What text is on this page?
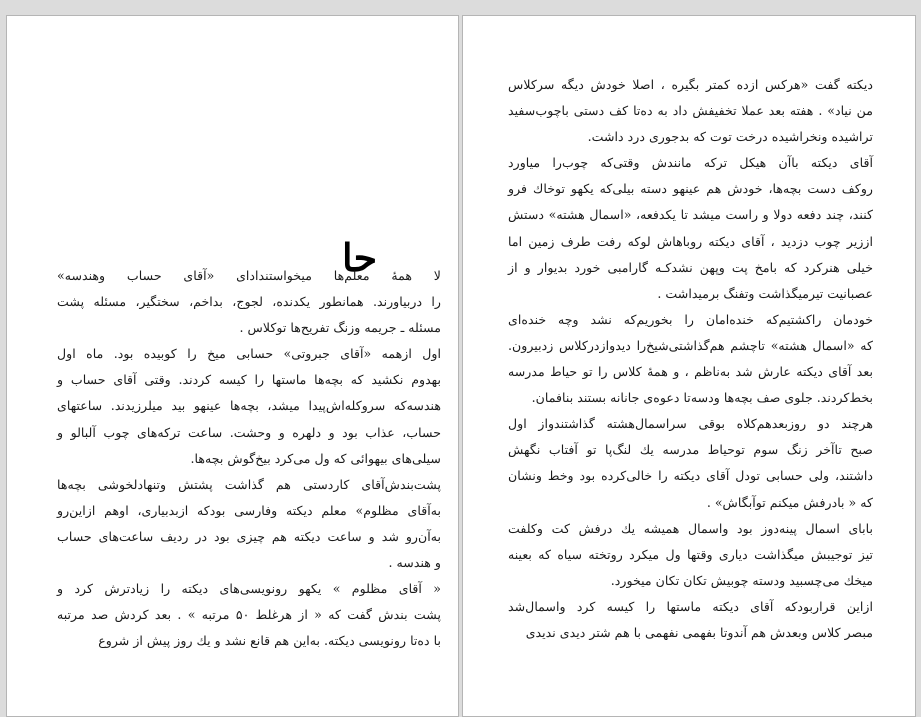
دیکته گفت «هرکس ازده کمتر بگیره ، اصلا خودش دیگه سرکلاس
من نیاد» . هفته بعد عملا تخفیفش داد به ده‌تا کف دستی باچوب‌سفید
تراشیده ونخراشیده درخت توت که بدجوری درد داشت.
آقای دیکته باآن هیکل ترکه مانندش وقتی‌که چوب‌را میاورد
روکف دست بچه‌ها، خودش هم عینهو دسته بیلی‌که یکهو توخاك فرو
کنند، چند دفعه دولا و راست میشد تا یکدفعه، «اسمال هشته» دستش
اززیر چوب دزدید ، آقای دیکته روباهاش لوکه رفت طرف زمین اما
خیلی هنرکرد که بامخ پت وپهن نشدکـه گارامبی خورد بدیوار و از
عصبانیت تیرمیگذاشت وتفنگ برمیداشت .
خودمان راکشتیم‌که خنده‌امان را بخوریم‌که نشد وچه خنده‌ای
که «اسمال هشته» تاچشم هم‌گذاشتی‌شیخ‌را دیدواز‌درکلاس زدبیرون.
بعد آقای دیکته عارش شد بەناظم ، و همهٔ کلاس را تو حیاط مدرسه
بخط‌کردند. جلوی صف بچه‌ها ودسه‌تا دعوه‌ی جانانه بستند بنافمان.
هرچند دو روزبعدهم‌کلاه بوقی سراسمال‌هشته گذاشتندواز اول
صبح تاآخر زنگ سوم توحیاط مدرسه یك لنگ‌پا تو آفتاب نگهش
داشتند، ولی حسابی تودل آقای دیکته را خالی‌کرده بود وخط ونشان
که « بادرفش میکنم توآبگاش» .
بابای اسمال پینه‌دوز بود واسمال همیشه یك درفش کت وکلفت
تیز توجیبش میگذاشت دیاری وقتها ول میکرد روتخته سیاه که بعینه
میخك می‌چسبید ودسته چوبیش تکان تکان میخورد.
ازاین قرار‌بودکه آقای دیکته ماستها را کیسه کرد واسمال‌شد
مبصر کلاس وبعدش هم آندوتا بفهمی نفهمی با هم شتر دیدی ندیدی
حا
لا همهٔ معلم‌ها میخواستندادای «آقای حساب وهندسه»
را دربیاورند. همانطور یکدنده، لجوج، بداخم، سختگیر، مسئله پشت
مسئله ـ جریمه وزنگ تفریح‌ها توکلاس .
اول ازهمه «آقای جبروتی» حسابی میخ را کوبیده بود. ماه اول
بهدوم نکشید که بچه‌ها ماستها را کیسه کردند. وقتی آقای حساب و
هندسه‌که سروکله‌اش‌پیدا میشد، بچه‌ها عینهو بید میلرزیدند. ساعتهای
حساب، عذاب بود و دلهره و وحشت. ساعت ترکه‌های چوب آلبالو و
سیلی‌های بیهوائی که ول می‌کرد بیخ‌گوش بچه‌ها.
پشت‌بندش‌آقای کاردستی هم گذاشت پشتش وتنهادلخوشی بچه‌ها
به‌آقای مظلوم» معلم دیکته وفارسی بودکه ازبدبیاری، اوهم ازاین‌رو
به‌آن‌رو شد و ساعت دیکته هم چیزی بود در ردیف ساعت‌های حساب
و هندسه .
« آقای مظلوم » یکهو رونویسی‌های دیکته را زیادترش کرد و
پشت بندش گفت که « از هرغلط ۵۰ مرتبه » . بعد کردش صد مرتبه
با ده‌تا رونویسی دیکته. به‌این هم قانع نشد و یك روز پیش از شروع
